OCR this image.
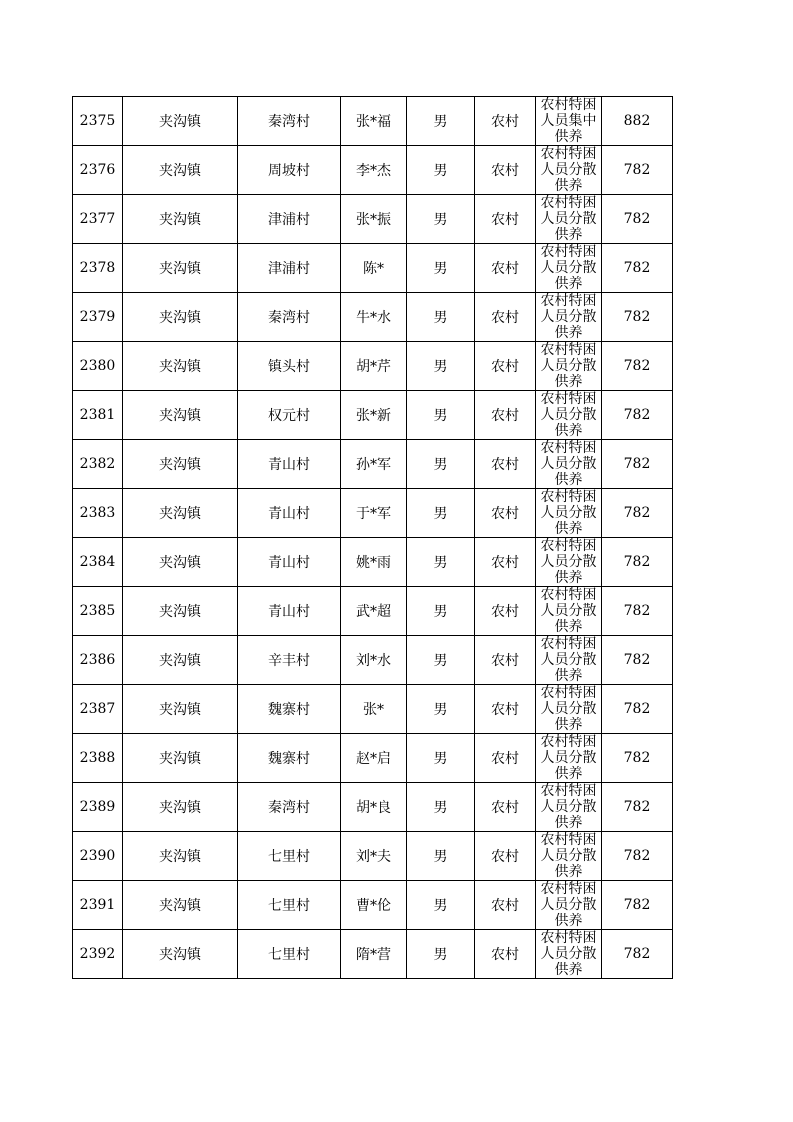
2375	夹沟镇	秦湾村	张*福	男	农村	农村特困人员集中供养	882
2376	夹沟镇	周坡村	李*杰	男	农村	农村特困人员分散供养	782
2377	夹沟镇	津浦村	张*振	男	农村	农村特困人员分散供养	782
2378	夹沟镇	津浦村	陈*	男	农村	农村特困人员分散供养	782
2379	夹沟镇	秦湾村	牛*水	男	农村	农村特困人员分散供养	782
2380	夹沟镇	镇头村	胡*芹	男	农村	农村特困人员分散供养	782
2381	夹沟镇	权元村	张*新	男	农村	农村特困人员分散供养	782
2382	夹沟镇	青山村	孙*军	男	农村	农村特困人员分散供养	782
2383	夹沟镇	青山村	于*军	男	农村	农村特困人员分散供养	782
2384	夹沟镇	青山村	姚*雨	男	农村	农村特困人员分散供养	782
2385	夹沟镇	青山村	武*超	男	农村	农村特困人员分散供养	782
2386	夹沟镇	辛丰村	刘*水	男	农村	农村特困人员分散供养	782
2387	夹沟镇	魏寨村	张*	男	农村	农村特困人员分散供养	782
2388	夹沟镇	魏寨村	赵*启	男	农村	农村特困人员分散供养	782
2389	夹沟镇	秦湾村	胡*良	男	农村	农村特困人员分散供养	782
2390	夹沟镇	七里村	刘*夫	男	农村	农村特困人员分散供养	782
2391	夹沟镇	七里村	曹*伦	男	农村	农村特困人员分散供养	782
2392	夹沟镇	七里村	隋*营	男	农村	农村特困人员分散供养	782
